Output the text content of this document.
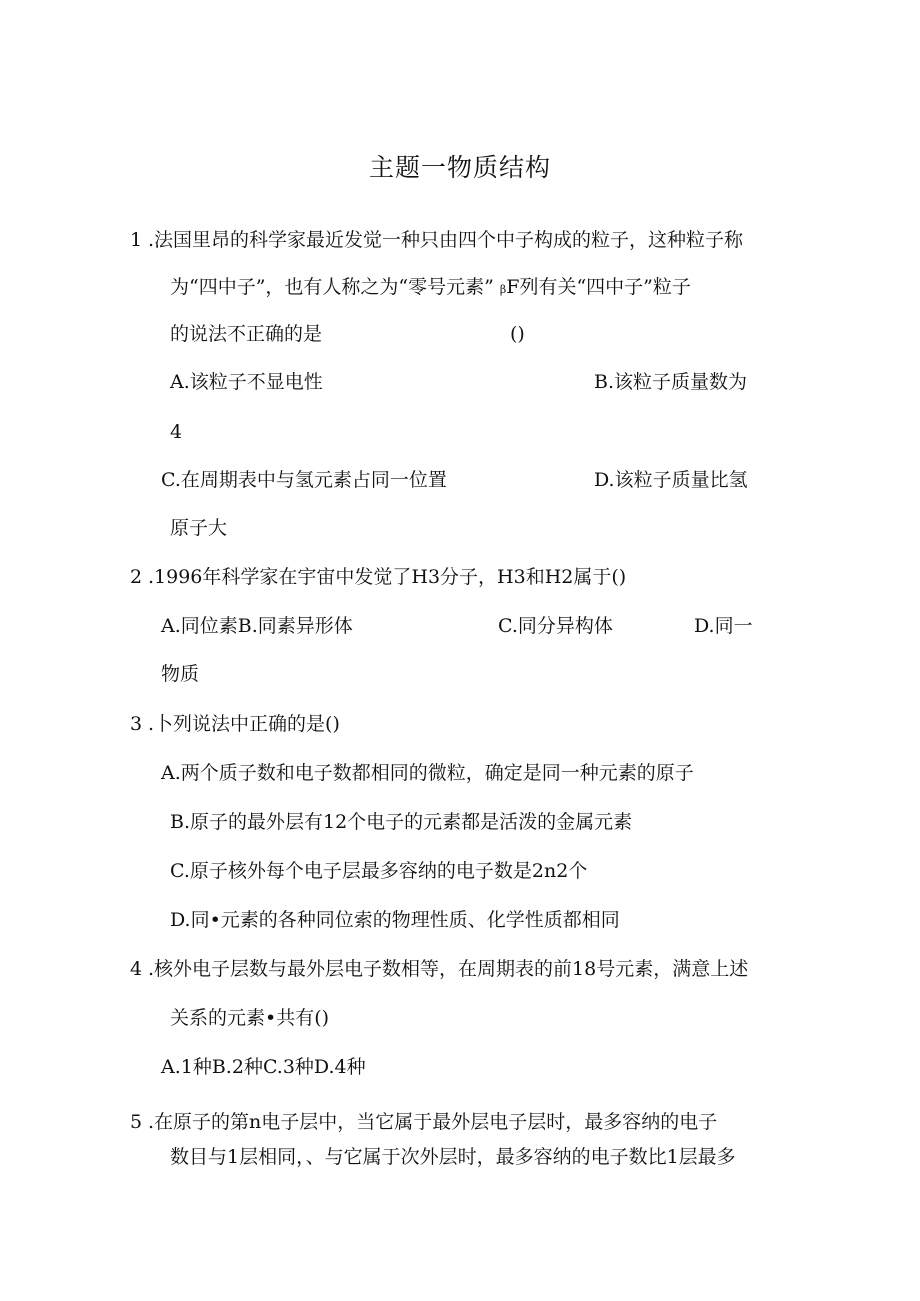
主题一物质结构
1 .法国里昂的科学家最近发觉一种只由四个中子构成的粒子，这种粒子称
为“四中子”，也有人称之为“零号元素” βF列有关“四中子”粒子
的说法不正确的是	()
A.该粒子不显电性	B.该粒子质量数为
4
C.在周期表中与氢元素占同一位置	D.该粒子质量比氢
原子大
2 .1996年科学家在宇宙中发觉了H3分子，H3和H2属于()
A.同位素B.同素异形体	C.同分异构体	D.同一
物质
3 .卜列说法中正确的是()
A.两个质子数和电子数都相同的微粒，确定是同一种元素的原子
B.原子的最外层有12个电子的元素都是活泼的金属元素
C.原子核外每个电子层最多容纳的电子数是2n2个
D.同•元素的各种同位索的物理性质、化学性质都相同
4 .核外电子层数与最外层电子数相等，在周期表的前18号元素，满意上述
关系的元素•共有()
A.1种B.2种C.3种D.4种
5 .在原子的第n电子层中，当它属于最外层电子层时，最多容纳的电子
数目与1层相同，、与它属于次外层时，最多容纳的电子数比1层最多
